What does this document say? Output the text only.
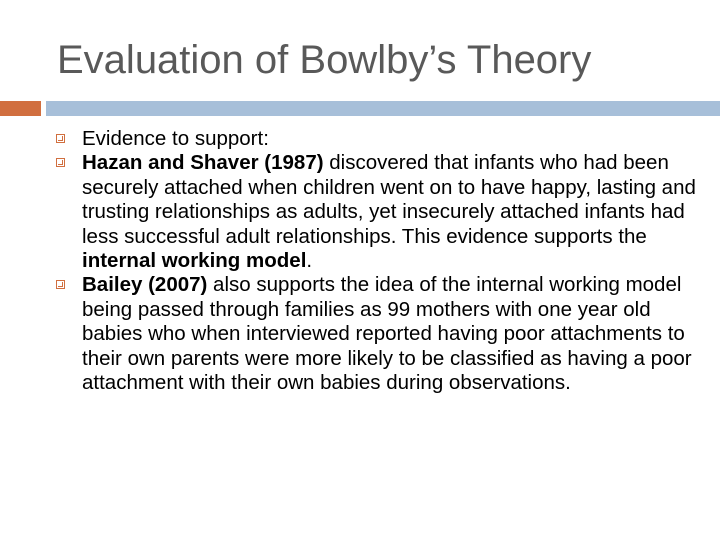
Evaluation of Bowlby’s Theory
Evidence to support:
Hazan and Shaver (1987) discovered that infants who had been securely attached when children went on to have happy, lasting and trusting relationships as adults, yet insecurely attached infants had less successful adult relationships. This evidence supports the internal working model.
Bailey (2007) also supports the idea of the internal working model being passed through families as 99 mothers with one year old babies who when interviewed reported having poor attachments to their own parents were more likely to be classified as having a poor attachment with their own babies during observations.
